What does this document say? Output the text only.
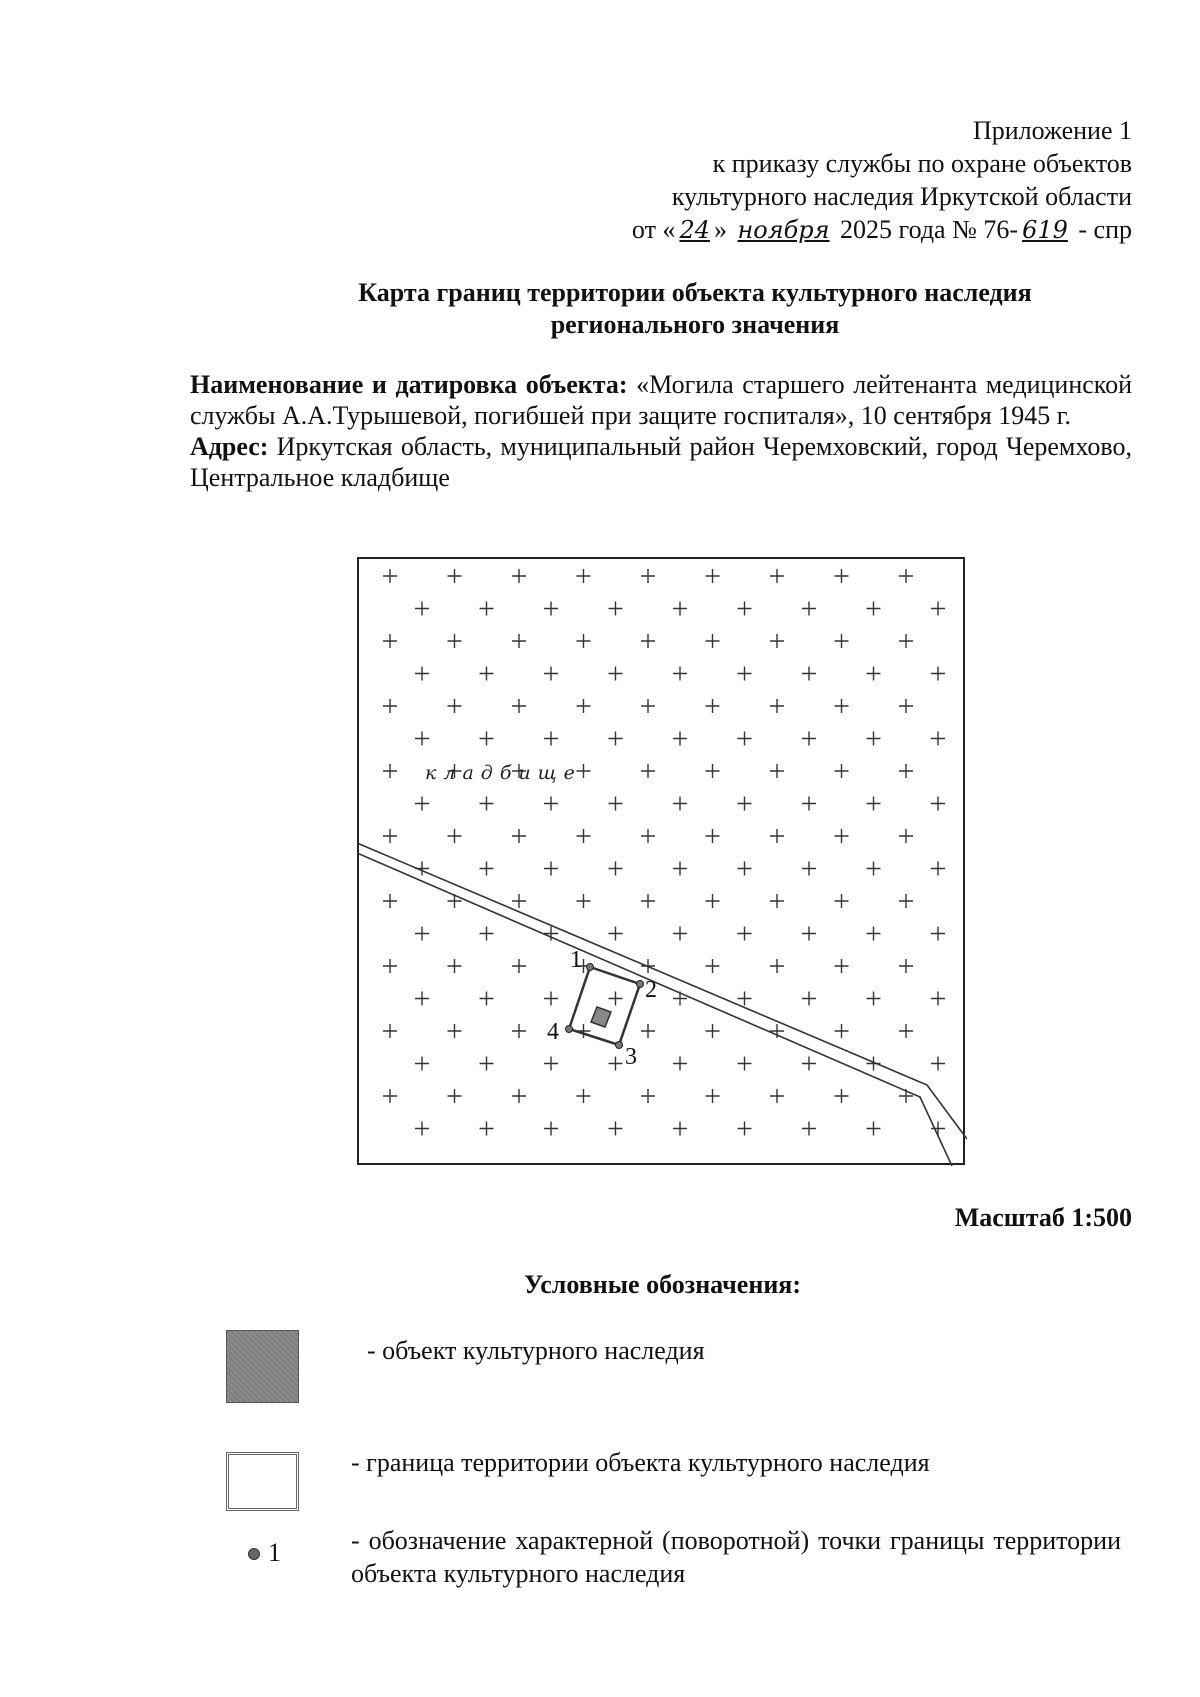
Приложение 1
к приказу службы по охране объектов
культурного наследия Иркутской области
от « 24 » ноября 2025 года № 76- 619 - спр
Карта границ территории объекта культурного наследия
регионального значения

Наименование и датировка объекта: «Могила старшего лейтенанта медицинской службы А.А.Турышевой, погибшей при защите госпиталя», 10 сентября 1945 г.

Адрес: Иркутская область, муниципальный район Черемховский, город Черемхово, Центральное кладбище

кладбище
1
2
3
4
Масштаб 1:500
Условные обозначения:
- объект культурного наследия
- граница территории объекта культурного наследия
1	- обозначение характерной (поворотной) точки границы территории объекта культурного наследия
